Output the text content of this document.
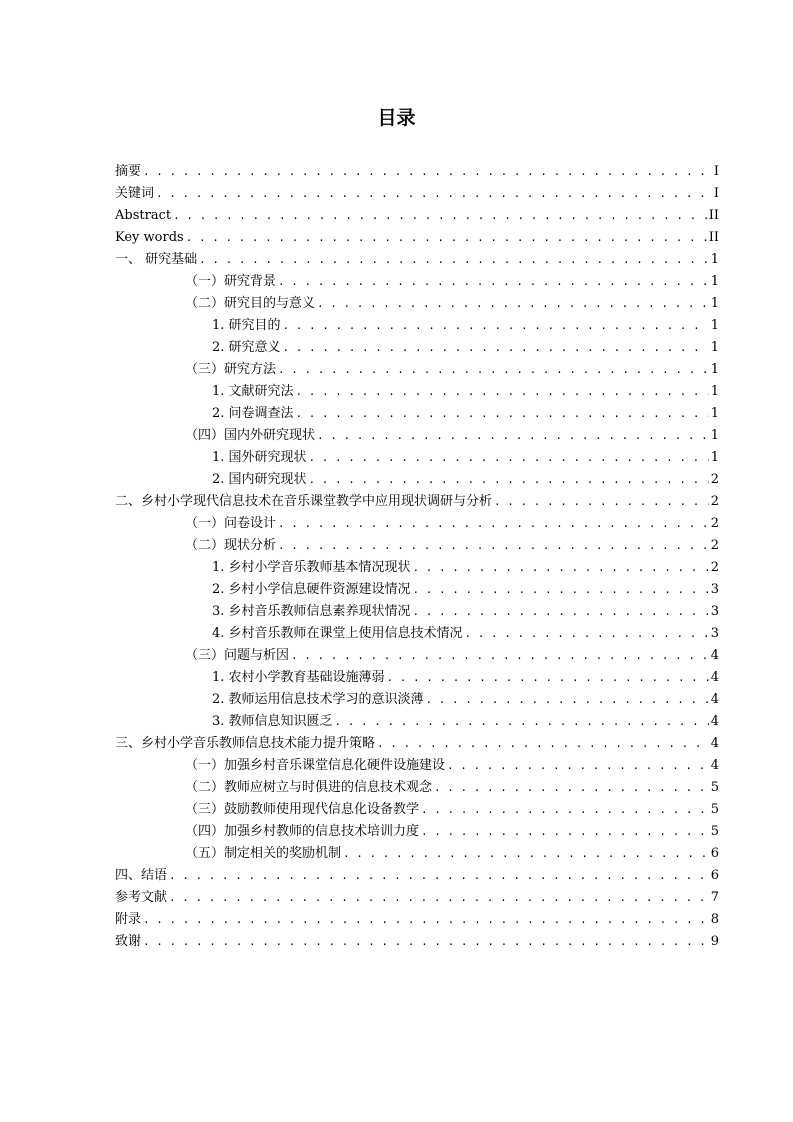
目录
摘要 . . .	I
关键词 . . .	I
Abstract . . .	II
Key words . . .	II
一、 研究基础 . . .	1
（一）研究背景 . . .	1
（二）研究目的与意义 . . .	1
1. 研究目的 . . .	1
2. 研究意义 . . .	1
（三）研究方法 . . .	1
1. 文献研究法 . . .	1
2. 问卷调查法 . . .	1
（四）国内外研究现状 . . .	1
1. 国外研究现状 . . .	1
2. 国内研究现状 . . .	2
二、乡村小学现代信息技术在音乐课堂教学中应用现状调研与分析 . . .	2
（一）问卷设计 . . .	2
（二）现状分析 . . .	2
1. 乡村小学音乐教师基本情况现状 . . .	2
2. 乡村小学信息硬件资源建设情况 . . .	3
3. 乡村音乐教师信息素养现状情况 . . .	3
4. 乡村音乐教师在课堂上使用信息技术情况 . . .	3
（三）问题与析因 . . .	4
1. 农村小学教育基础设施薄弱 . . .	4
2. 教师运用信息技术学习的意识淡薄 . . .	4
3. 教师信息知识匮乏 . . .	4
三、乡村小学音乐教师信息技术能力提升策略 . . .	4
（一）加强乡村音乐课堂信息化硬件设施建设 . . .	4
（二）教师应树立与时俱进的信息技术观念 . . .	5
（三）鼓励教师使用现代信息化设备教学 . . .	5
（四）加强乡村教师的信息技术培训力度 . . .	5
（五）制定相关的奖励机制 . . .	6
四、结语 . . .	6
参考文献 . . .	7
附录 . . .	8
致谢 . . .	9
